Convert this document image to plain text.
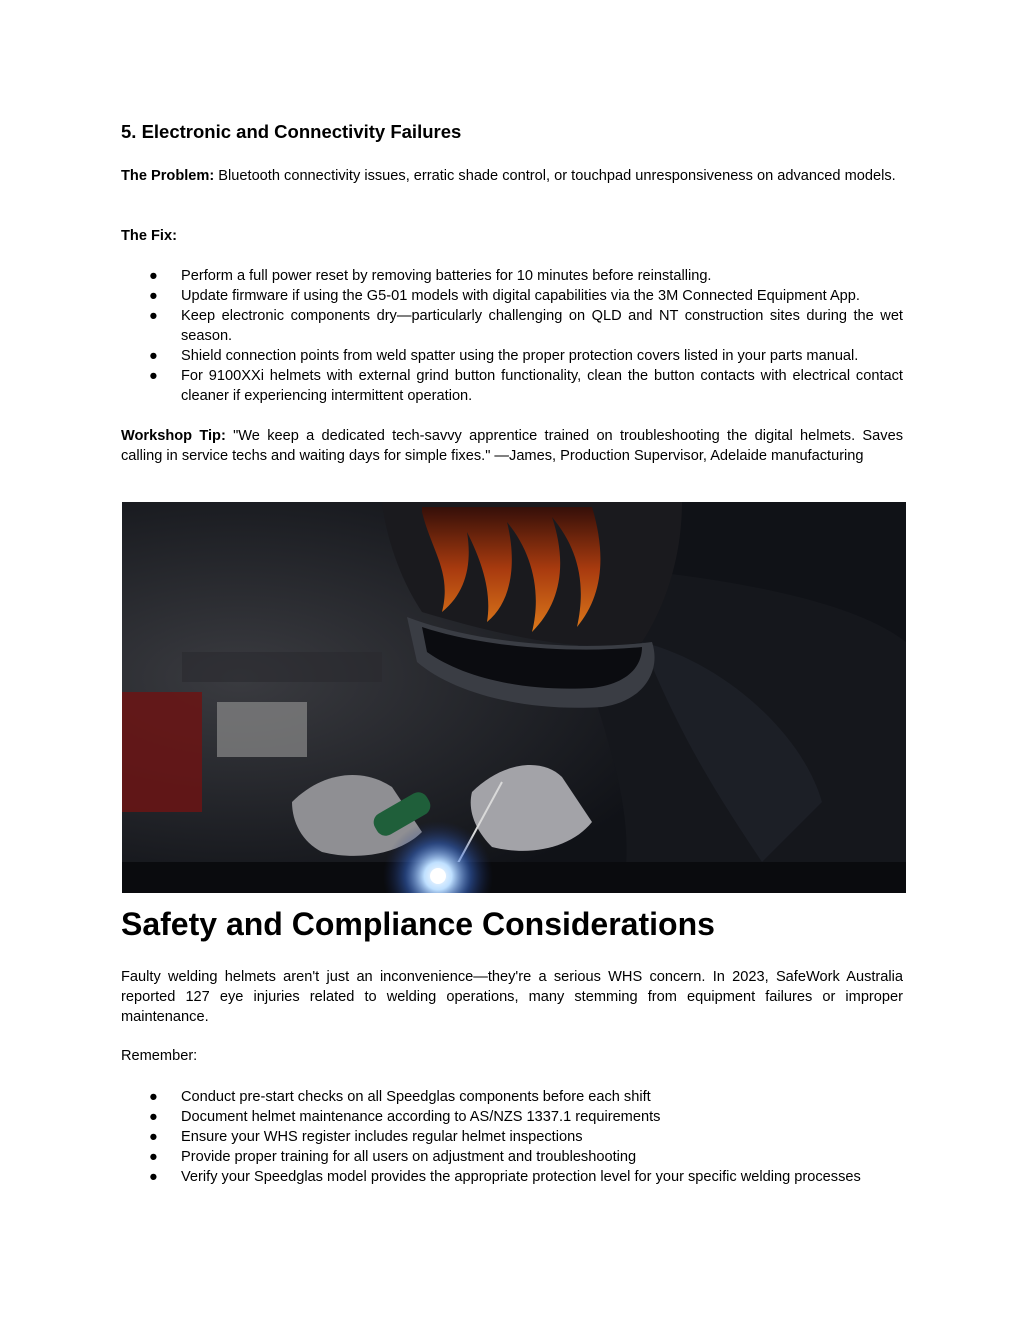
5. Electronic and Connectivity Failures

The Problem: Bluetooth connectivity issues, erratic shade control, or touchpad unresponsiveness on advanced models.

The Fix:

● Perform a full power reset by removing batteries for 10 minutes before reinstalling.
● Update firmware if using the G5-01 models with digital capabilities via the 3M Connected Equipment App.
● Keep electronic components dry—particularly challenging on QLD and NT construction sites during the wet season.
● Shield connection points from weld spatter using the proper protection covers listed in your parts manual.
● For 9100XXi helmets with external grind button functionality, clean the button contacts with electrical contact cleaner if experiencing intermittent operation.

Workshop Tip: "We keep a dedicated tech-savvy apprentice trained on troubleshooting the digital helmets. Saves calling in service techs and waiting days for simple fixes." —James, Production Supervisor, Adelaide manufacturing

Safety and Compliance Considerations

Faulty welding helmets aren't just an inconvenience—they're a serious WHS concern. In 2023, SafeWork Australia reported 127 eye injuries related to welding operations, many stemming from equipment failures or improper maintenance.

Remember:

● Conduct pre-start checks on all Speedglas components before each shift
● Document helmet maintenance according to AS/NZS 1337.1 requirements
● Ensure your WHS register includes regular helmet inspections
● Provide proper training for all users on adjustment and troubleshooting
● Verify your Speedglas model provides the appropriate protection level for your specific welding processes
